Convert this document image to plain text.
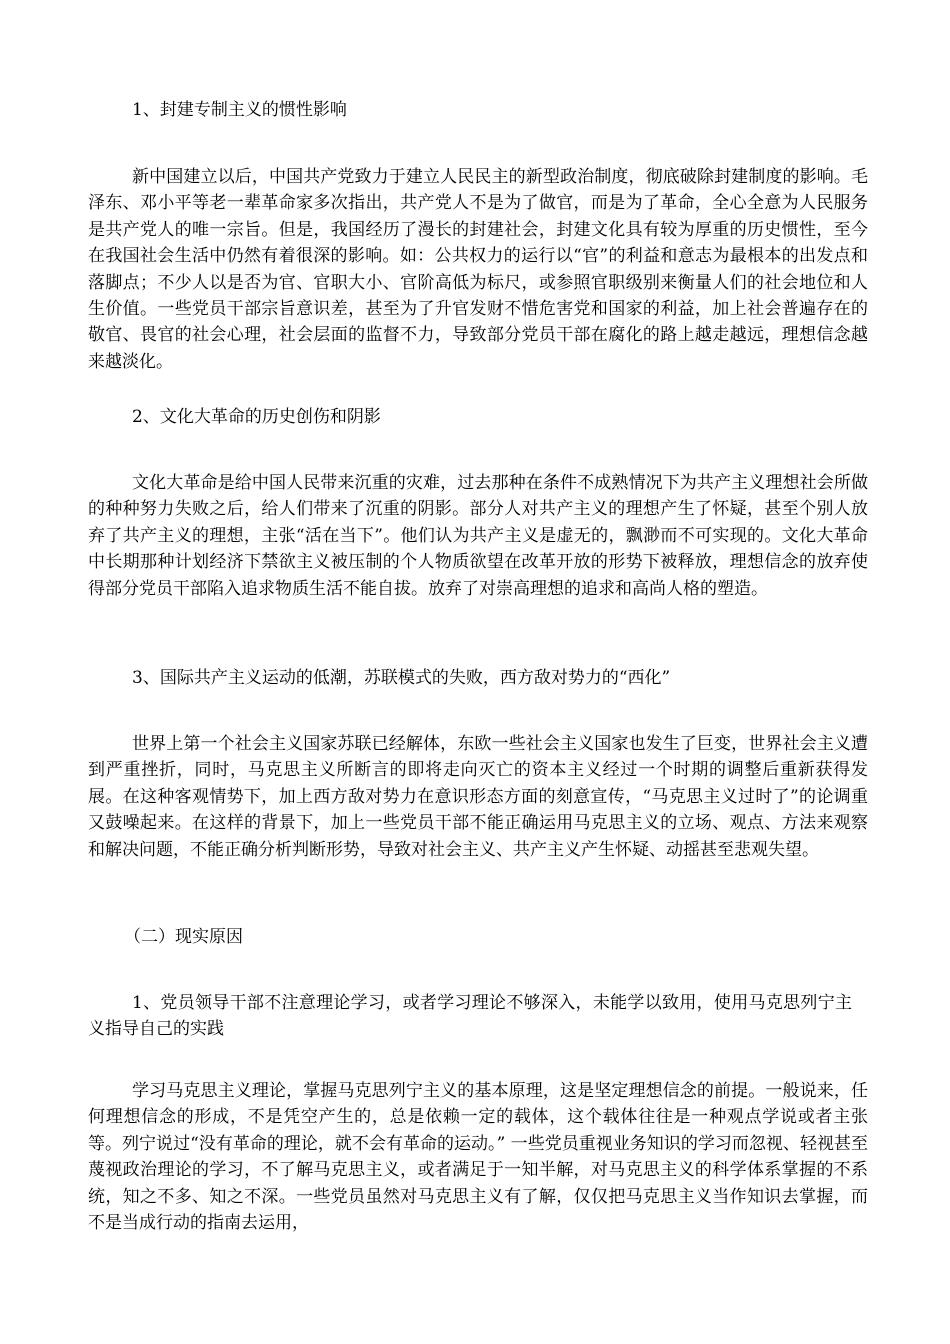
1、封建专制主义的惯性影响

新中国建立以后，中国共产党致力于建立人民民主的新型政治制度，彻底破除封建制度的影响。毛泽东、邓小平等老一辈革命家多次指出，共产党人不是为了做官，而是为了革命，全心全意为人民服务是共产党人的唯一宗旨。但是，我国经历了漫长的封建社会，封建文化具有较为厚重的历史惯性，至今在我国社会生活中仍然有着很深的影响。如：公共权力的运行以“官”的利益和意志为最根本的出发点和落脚点；不少人以是否为官、官职大小、官阶高低为标尺，或参照官职级别来衡量人们的社会地位和人生价值。一些党员干部宗旨意识差，甚至为了升官发财不惜危害党和国家的利益，加上社会普遍存在的敬官、畏官的社会心理，社会层面的监督不力，导致部分党员干部在腐化的路上越走越远，理想信念越来越淡化。

2、文化大革命的历史创伤和阴影

文化大革命是给中国人民带来沉重的灾难，过去那种在条件不成熟情况下为共产主义理想社会所做的种种努力失败之后，给人们带来了沉重的阴影。部分人对共产主义的理想产生了怀疑，甚至个别人放弃了共产主义的理想，主张“活在当下”。他们认为共产主义是虚无的，飘渺而不可实现的。文化大革命中长期那种计划经济下禁欲主义被压制的个人物质欲望在改革开放的形势下被释放，理想信念的放弃使得部分党员干部陷入追求物质生活不能自拔。放弃了对崇高理想的追求和高尚人格的塑造。

3、国际共产主义运动的低潮，苏联模式的失败，西方敌对势力的“西化”

世界上第一个社会主义国家苏联已经解体，东欧一些社会主义国家也发生了巨变，世界社会主义遭到严重挫折，同时，马克思主义所断言的即将走向灭亡的资本主义经过一个时期的调整后重新获得发展。在这种客观情势下，加上西方敌对势力在意识形态方面的刻意宣传，“马克思主义过时了”的论调重又鼓噪起来。在这样的背景下，加上一些党员干部不能正确运用马克思主义的立场、观点、方法来观察和解决问题，不能正确分析判断形势，导致对社会主义、共产主义产生怀疑、动摇甚至悲观失望。

（二）现实原因

1、党员领导干部不注意理论学习，或者学习理论不够深入，未能学以致用，使用马克思列宁主义指导自己的实践

学习马克思主义理论，掌握马克思列宁主义的基本原理，这是坚定理想信念的前提。一般说来，任何理想信念的形成，不是凭空产生的，总是依赖一定的载体，这个载体往往是一种观点学说或者主张等。列宁说过“没有革命的理论，就不会有革命的运动。” 一些党员重视业务知识的学习而忽视、轻视甚至蔑视政治理论的学习，不了解马克思主义，或者满足于一知半解，对马克思主义的科学体系掌握的不系统，知之不多、知之不深。一些党员虽然对马克思主义有了解，仅仅把马克思主义当作知识去掌握，而不是当成行动的指南去运用，
